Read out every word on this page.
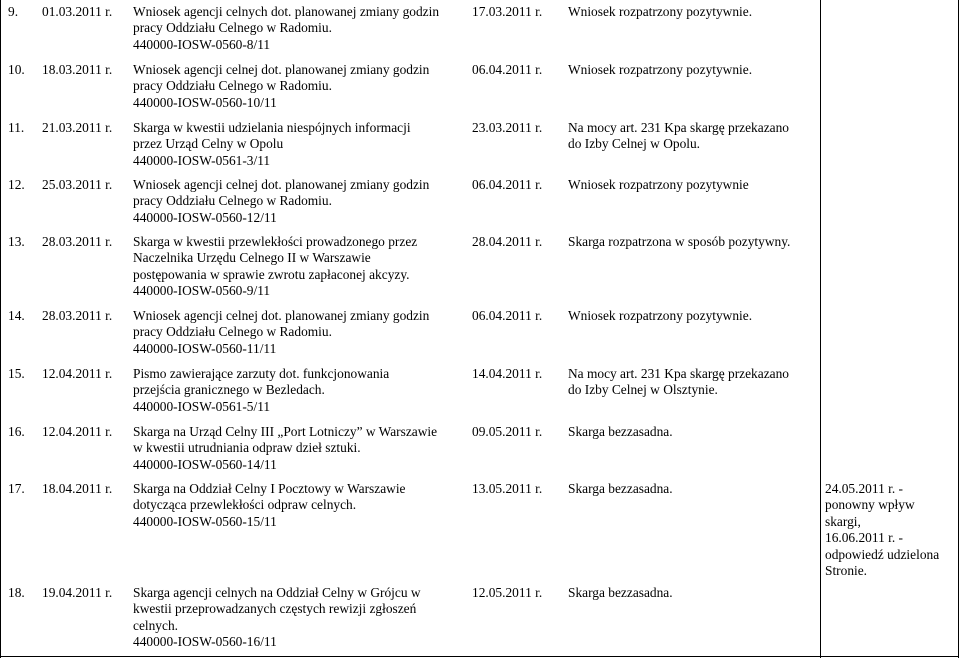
9.	01.03.2011 r.	Wniosek agencji celnych dot. planowanej zmiany godzin
pracy Oddziału Celnego w Radomiu.
440000-IOSW-0560-8/11
17.03.2011 r.	Wniosek rozpatrzony pozytywnie.
10. 18.03.2011 r.	Wniosek agencji celnej dot. planowanej zmiany godzin
pracy Oddziału Celnego w Radomiu.
440000-IOSW-0560-10/11
06.04.2011 r.	Wniosek rozpatrzony pozytywnie.
11. 21.03.2011 r.	Skarga w kwestii udzielania niespójnych informacji
przez Urząd Celny w Opolu
440000-IOSW-0561-3/11
23.03.2011 r.	Na mocy art. 231 Kpa skargę przekazano
do Izby Celnej w Opolu.
12. 25.03.2011 r.	Wniosek agencji celnej dot. planowanej zmiany godzin
pracy Oddziału Celnego w Radomiu.
440000-IOSW-0560-12/11
06.04.2011 r.	Wniosek rozpatrzony pozytywnie
13. 28.03.2011 r.	Skarga w kwestii przewlekłości prowadzonego przez
Naczelnika Urzędu Celnego II w Warszawie
postępowania w sprawie zwrotu zapłaconej akcyzy.
440000-IOSW-0560-9/11
28.04.2011 r.	Skarga rozpatrzona w sposób pozytywny.
14. 28.03.2011 r.	Wniosek agencji celnej dot. planowanej zmiany godzin
pracy Oddziału Celnego w Radomiu.
440000-IOSW-0560-11/11
06.04.2011 r.	Wniosek rozpatrzony pozytywnie.
15. 12.04.2011 r.	Pismo zawierające zarzuty dot. funkcjonowania
przejścia granicznego w Bezledach.
440000-IOSW-0561-5/11
14.04.2011 r.	Na mocy art. 231 Kpa skargę przekazano
do Izby Celnej w Olsztynie.
16. 12.04.2011 r.	Skarga na Urząd Celny III „Port Lotniczy” w Warszawie
w kwestii utrudniania odpraw dzieł sztuki.
440000-IOSW-0560-14/11
09.05.2011 r.	Skarga bezzasadna.
17. 18.04.2011 r.	Skarga na Oddział Celny I Pocztowy w Warszawie
dotycząca przewlekłości odpraw celnych.
440000-IOSW-0560-15/11
13.05.2011 r.	Skarga bezzasadna.	24.05.2011 r. -
ponowny wpływ
skargi,
16.06.2011 r. -
odpowiedź udzielona
Stronie.
18. 19.04.2011 r.	Skarga agencji celnych na Oddział Celny w Grójcu w
kwestii przeprowadzanych częstych rewizji zgłoszeń
celnych.
440000-IOSW-0560-16/11
12.05.2011 r.	Skarga bezzasadna.
